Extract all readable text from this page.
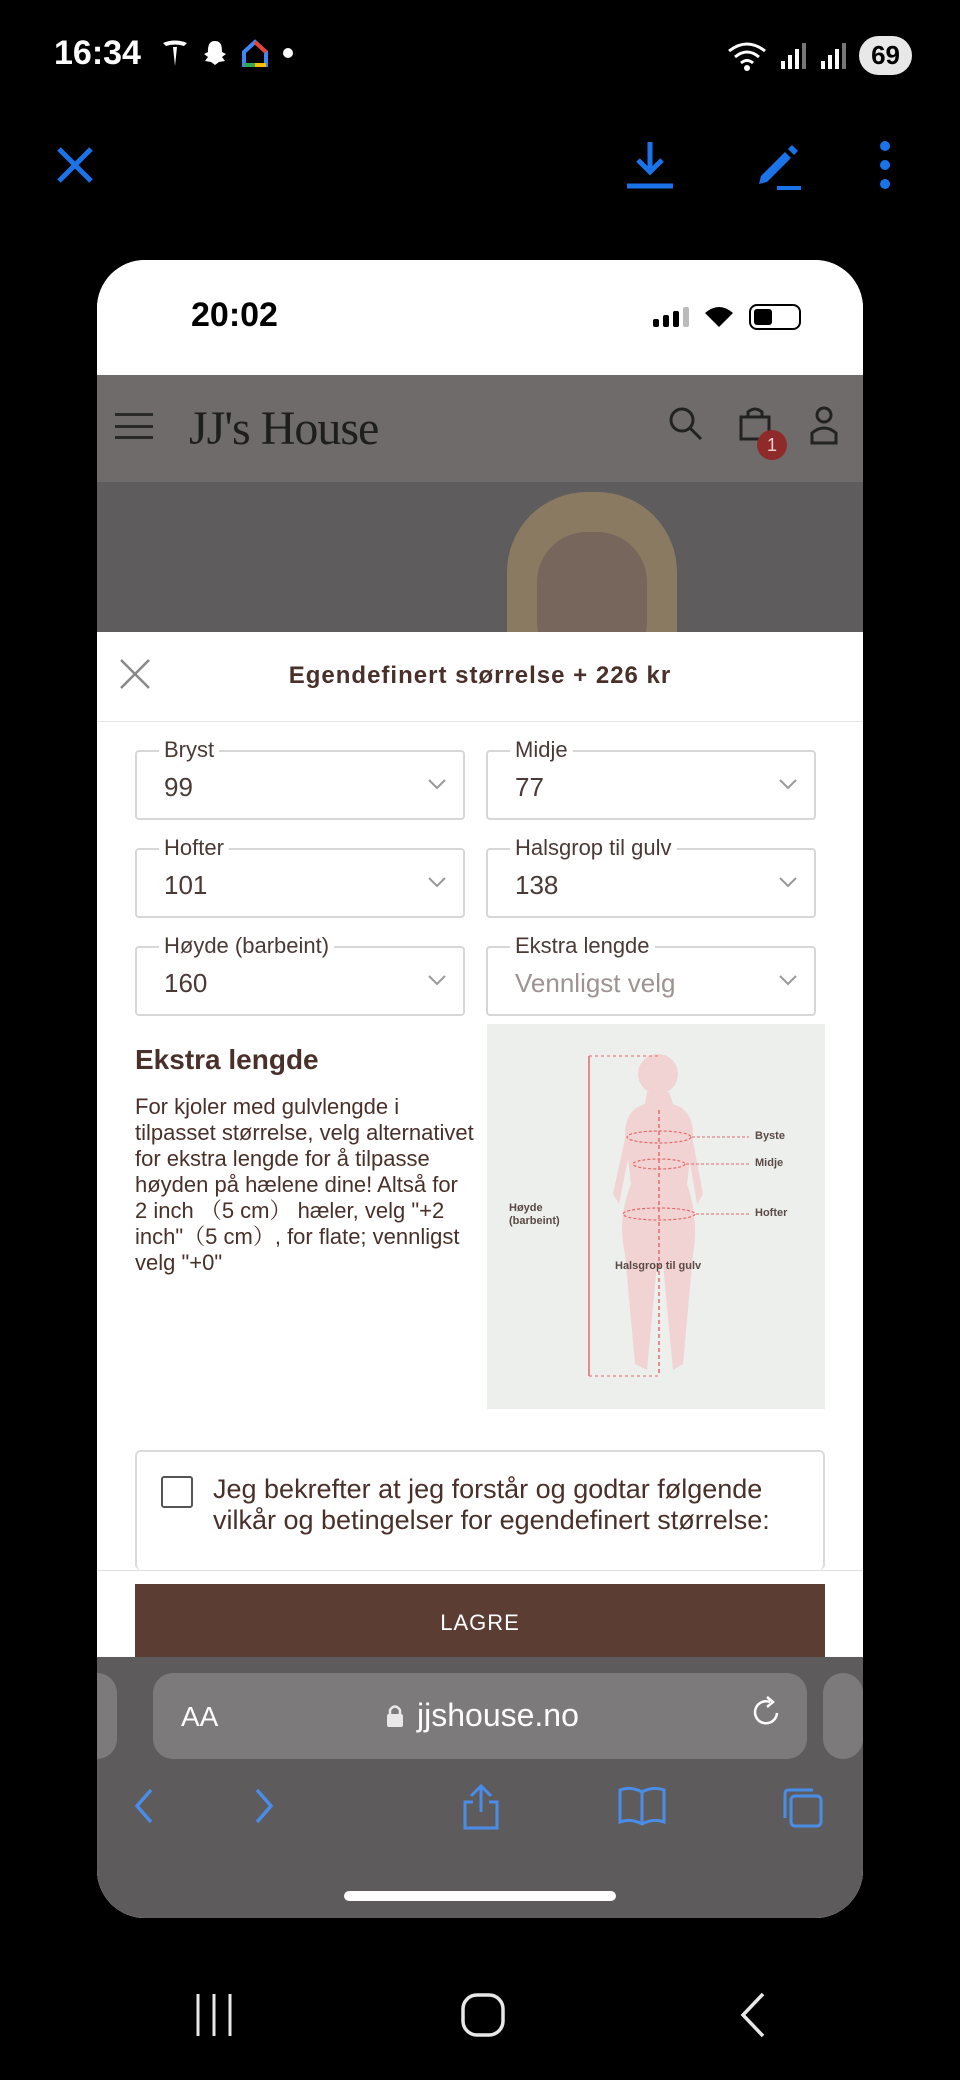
16:34	69
20:02
JJ's House	1
Egendefinert størrelse + 226 kr
Bryst
99
Midje
77
Hofter
101
Halsgrop til gulv
138
Høyde (barbeint)
160
Ekstra lengde
Vennligst velg
Ekstra lengde
For kjoler med gulvlengde i tilpasset størrelse, velg alternativet for ekstra lengde for å tilpasse høyden på hælene dine! Altså for 2 inch （5 cm） hæler, velg "+2 inch"（5 cm）, for flate; vennligst velg "+0"
Høyde (barbeint)
Halsgrop til gulv
Byste
Midje
Hofter
Jeg bekrefter at jeg forstår og godtar følgende vilkår og betingelser for egendefinert størrelse:
LAGRE
AA	jjshouse.no
